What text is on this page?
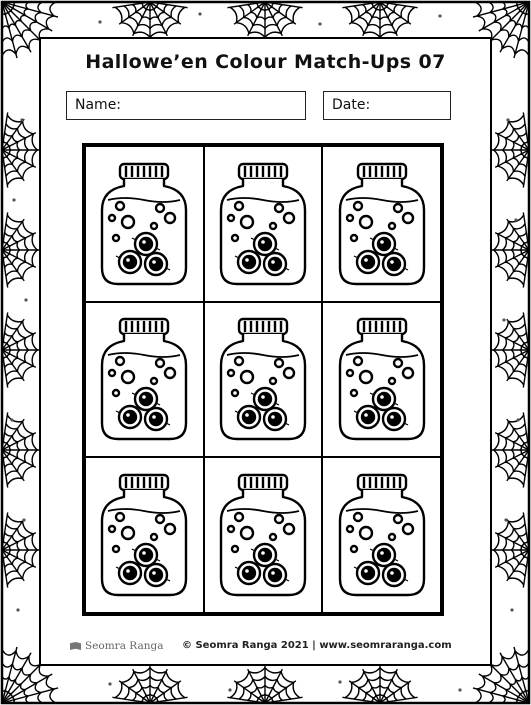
Hallowe’en Colour Match-Ups 07
Name:	Date:
Seomra Ranga © Seomra Ranga 2021 | www.seomraranga.com
